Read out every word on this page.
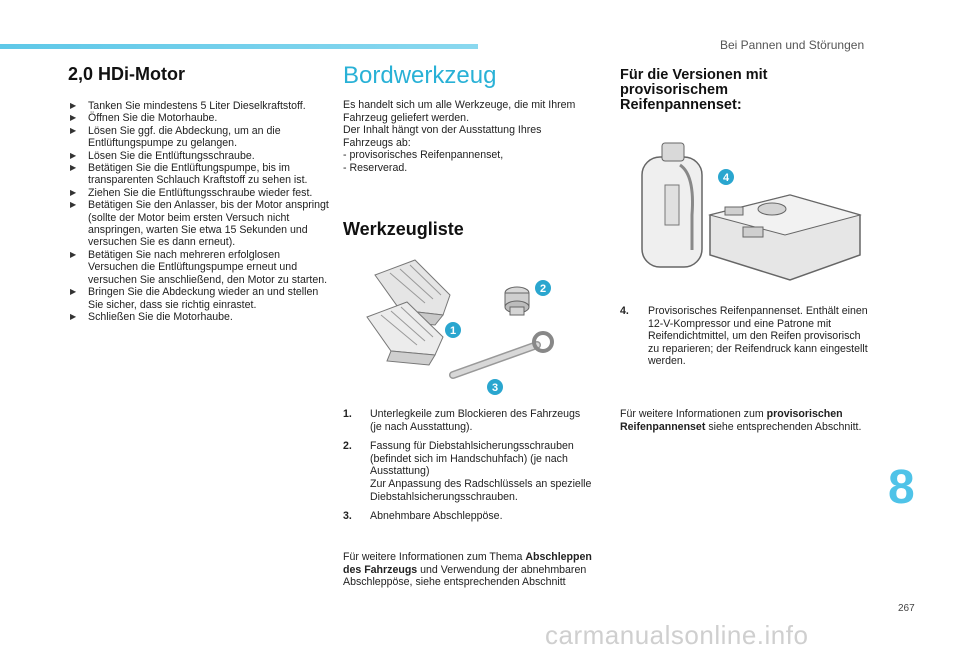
Bei Pannen und Störungen
2,0 HDi-Motor
▶ Tanken Sie mindestens 5 Liter Dieselkraftstoff.
▶ Öffnen Sie die Motorhaube.
▶ Lösen Sie ggf. die Abdeckung, um an die Entlüftungspumpe zu gelangen.
▶ Lösen Sie die Entlüftungsschraube.
▶ Betätigen Sie die Entlüftungspumpe, bis im transparenten Schlauch Kraftstoff zu sehen ist.
▶ Ziehen Sie die Entlüftungsschraube wieder fest.
▶ Betätigen Sie den Anlasser, bis der Motor anspringt (sollte der Motor beim ersten Versuch nicht anspringen, warten Sie etwa 15 Sekunden und versuchen Sie es dann erneut).
▶ Betätigen Sie nach mehreren erfolglosen Versuchen die Entlüftungspumpe erneut und versuchen Sie anschließend, den Motor zu starten.
▶ Bringen Sie die Abdeckung wieder an und stellen Sie sicher, dass sie richtig einrastet.
▶ Schließen Sie die Motorhaube.
Bordwerkzeug
Es handelt sich um alle Werkzeuge, die mit Ihrem Fahrzeug geliefert werden.
Der Inhalt hängt von der Ausstattung Ihres Fahrzeugs ab:
- provisorisches Reifenpannenset,
- Reserverad.
Werkzeugliste
1
2
3
1. Unterlegkeile zum Blockieren des Fahrzeugs (je nach Ausstattung).
2. Fassung für Diebstahlsicherungsschrauben (befindet sich im Handschuhfach) (je nach Ausstattung)
Zur Anpassung des Radschlüssels an spezielle Diebstahlsicherungsschrauben.
3. Abnehmbare Abschleppöse.
Für weitere Informationen zum Thema Abschleppen des Fahrzeugs und Verwendung der abnehmbaren Abschleppöse, siehe entsprechenden Abschnitt
Für die Versionen mit provisorischem Reifenpannenset:
4
4.	Provisorisches Reifenpannenset. Enthält einen 12-V-Kompressor und eine Patrone mit Reifendichtmittel, um den Reifen provisorisch zu reparieren; der Reifendruck kann eingestellt werden.
Für weitere Informationen zum provisorischen Reifenpannenset siehe entsprechenden Abschnitt.
8
267
carmanualsonline.info
